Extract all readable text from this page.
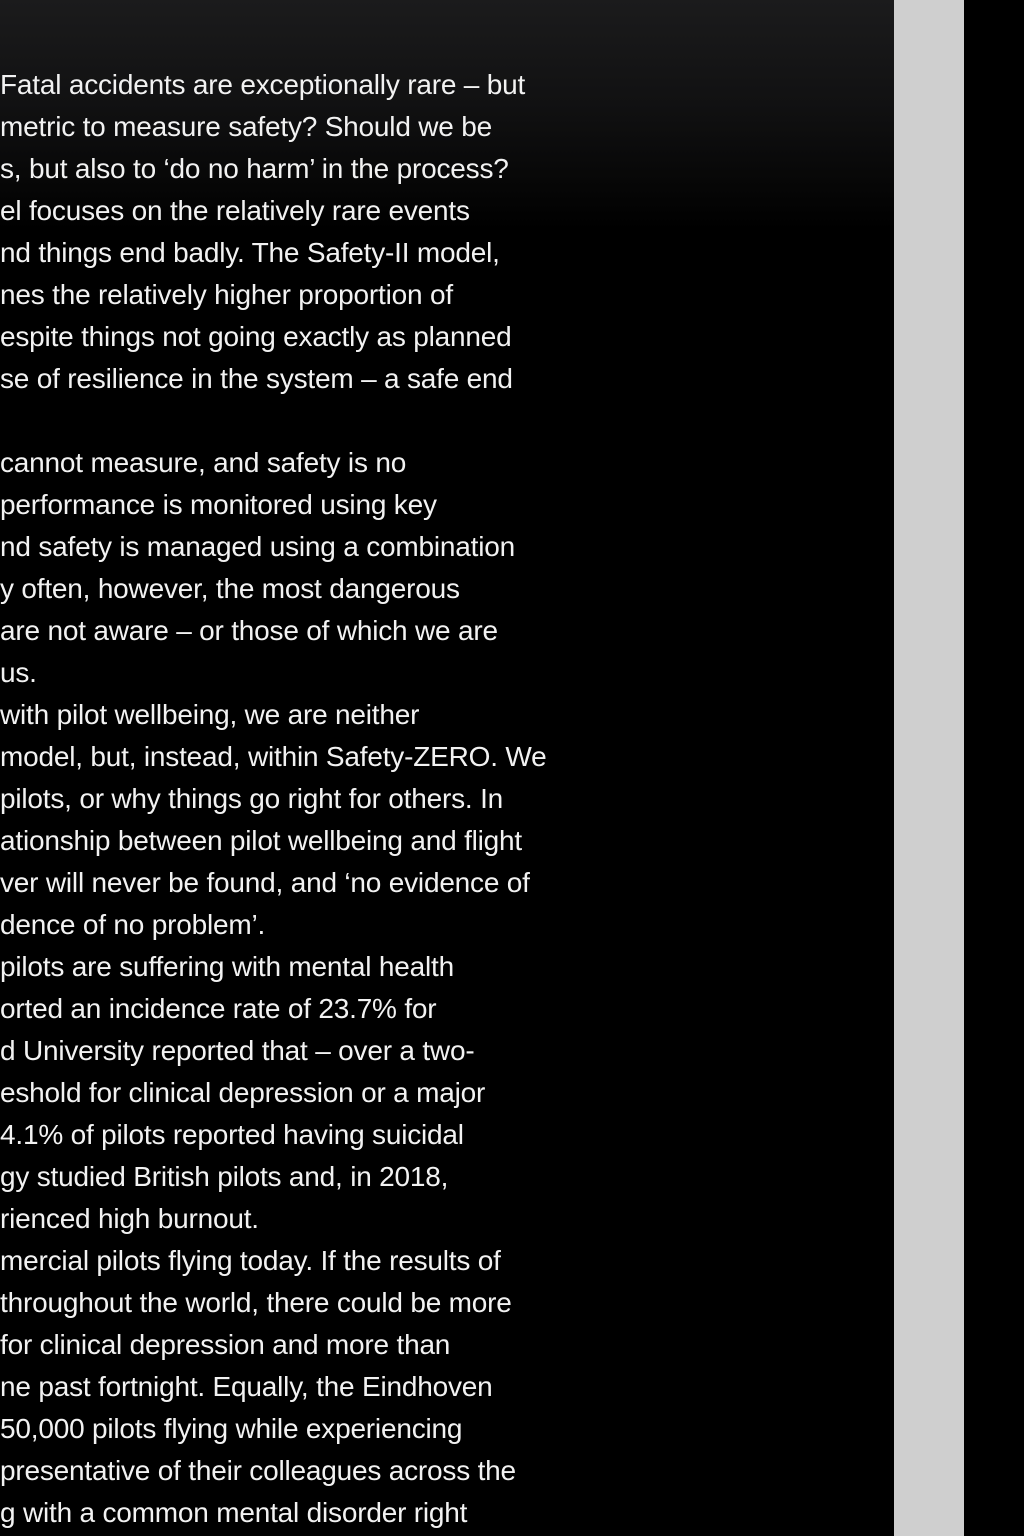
Fatal accidents are exceptionally rare – but
metric to measure safety? Should we be
s, but also to ‘do no harm’ in the process?
el focuses on the relatively rare events
nd things end badly. The Safety-II model,
nes the relatively higher proportion of
espite things not going exactly as planned
se of resilience in the system – a safe end
cannot measure, and safety is no
performance is monitored using key
nd safety is managed using a combination
y often, however, the most dangerous
are not aware – or those of which we are
us.
with pilot wellbeing, we are neither
model, but, instead, within Safety-ZERO. We
pilots, or why things go right for others. In
ationship between pilot wellbeing and flight
ver will never be found, and ‘no evidence of
dence of no problem’.
pilots are suffering with mental health
orted an incidence rate of 23.7% for
d University reported that – over a two-
eshold for clinical depression or a major
4.1% of pilots reported having suicidal
gy studied British pilots and, in 2018,
rienced high burnout.
mercial pilots flying today. If the results of
throughout the world, there could be more
for clinical depression and more than
ne past fortnight. Equally, the Eindhoven
50,000 pilots flying while experiencing
presentative of their colleagues across the
g with a common mental disorder right
